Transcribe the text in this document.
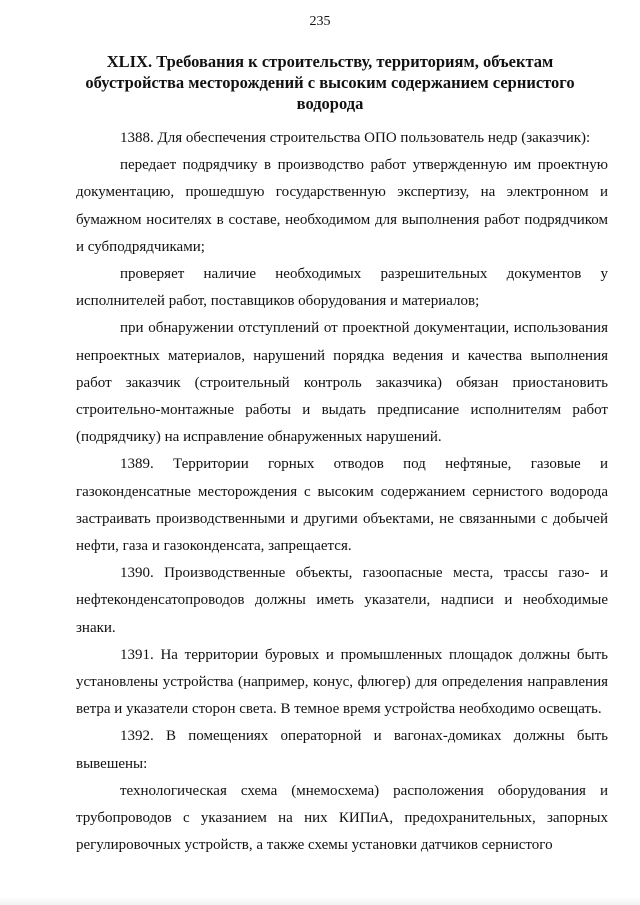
235
XLIX. Требования к строительству, территориям, объектам обустройства месторождений с высоким содержанием сернистого водорода

1388. Для обеспечения строительства ОПО пользователь недр (заказчик):

передает подрядчику в производство работ утвержденную им проектную документацию, прошедшую государственную экспертизу, на электронном и бумажном носителях в составе, необходимом для выполнения работ подрядчиком и субподрядчиками;

проверяет наличие необходимых разрешительных документов у исполнителей работ, поставщиков оборудования и материалов;

при обнаружении отступлений от проектной документации, использования непроектных материалов, нарушений порядка ведения и качества выполнения работ заказчик (строительный контроль заказчика) обязан приостановить строительно-монтажные работы и выдать предписание исполнителям работ (подрядчику) на исправление обнаруженных нарушений.

1389. Территории горных отводов под нефтяные, газовые и газоконденсатные месторождения с высоким содержанием сернистого водорода застраивать производственными и другими объектами, не связанными с добычей нефти, газа и газоконденсата, запрещается.

1390. Производственные объекты, газоопасные места, трассы газо- и нефтеконденсатопроводов должны иметь указатели, надписи и необходимые знаки.

1391. На территории буровых и промышленных площадок должны быть установлены устройства (например, конус, флюгер) для определения направления ветра и указатели сторон света. В темное время устройства необходимо освещать.

1392. В помещениях операторной и вагонах-домиках должны быть вывешены:

технологическая схема (мнемосхема) расположения оборудования и трубопроводов с указанием на них КИПиА, предохранительных, запорных регулировочных устройств, а также схемы установки датчиков сернистого
